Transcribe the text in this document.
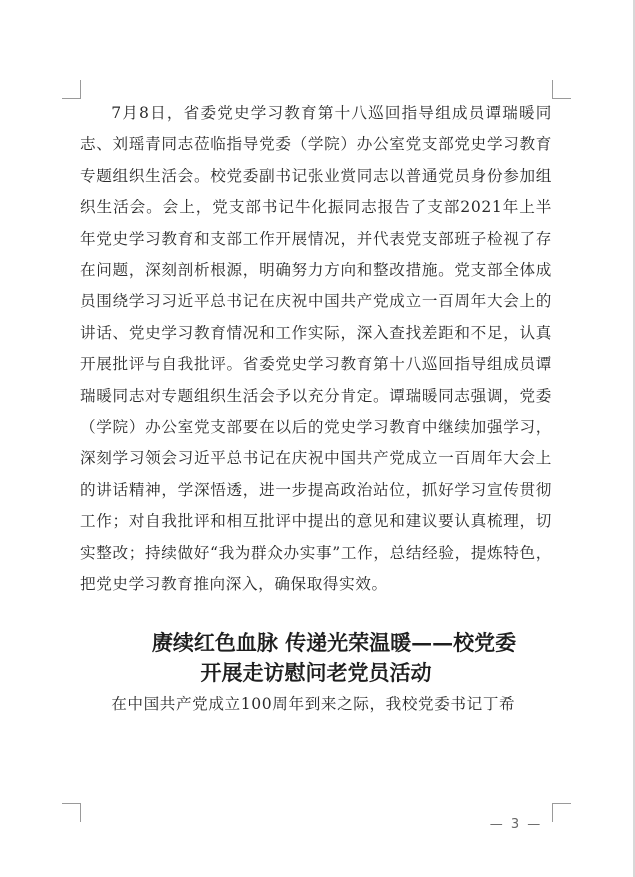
7月8日，省委党史学习教育第十八巡回指导组成员谭瑞暖同志、刘瑶青同志莅临指导党委（学院）办公室党支部党史学习教育专题组织生活会。校党委副书记张业赏同志以普通党员身份参加组织生活会。会上，党支部书记牛化振同志报告了支部2021年上半年党史学习教育和支部工作开展情况，并代表党支部班子检视了存在问题，深刻剖析根源，明确努力方向和整改措施。党支部全体成员围绕学习习近平总书记在庆祝中国共产党成立一百周年大会上的讲话、党史学习教育情况和工作实际，深入查找差距和不足，认真开展批评与自我批评。省委党史学习教育第十八巡回指导组成员谭瑞暖同志对专题组织生活会予以充分肯定。谭瑞暖同志强调，党委（学院）办公室党支部要在以后的党史学习教育中继续加强学习，深刻学习领会习近平总书记在庆祝中国共产党成立一百周年大会上的讲话精神，学深悟透，进一步提高政治站位，抓好学习宣传贯彻工作；对自我批评和相互批评中提出的意见和建议要认真梳理，切实整改；持续做好“我为群众办实事”工作，总结经验，提炼特色，把党史学习教育推向深入，确保取得实效。

赓续红色血脉 传递光荣温暖——校党委
开展走访慰问老党员活动

在中国共产党成立100周年到来之际，我校党委书记丁希

— 3 —
